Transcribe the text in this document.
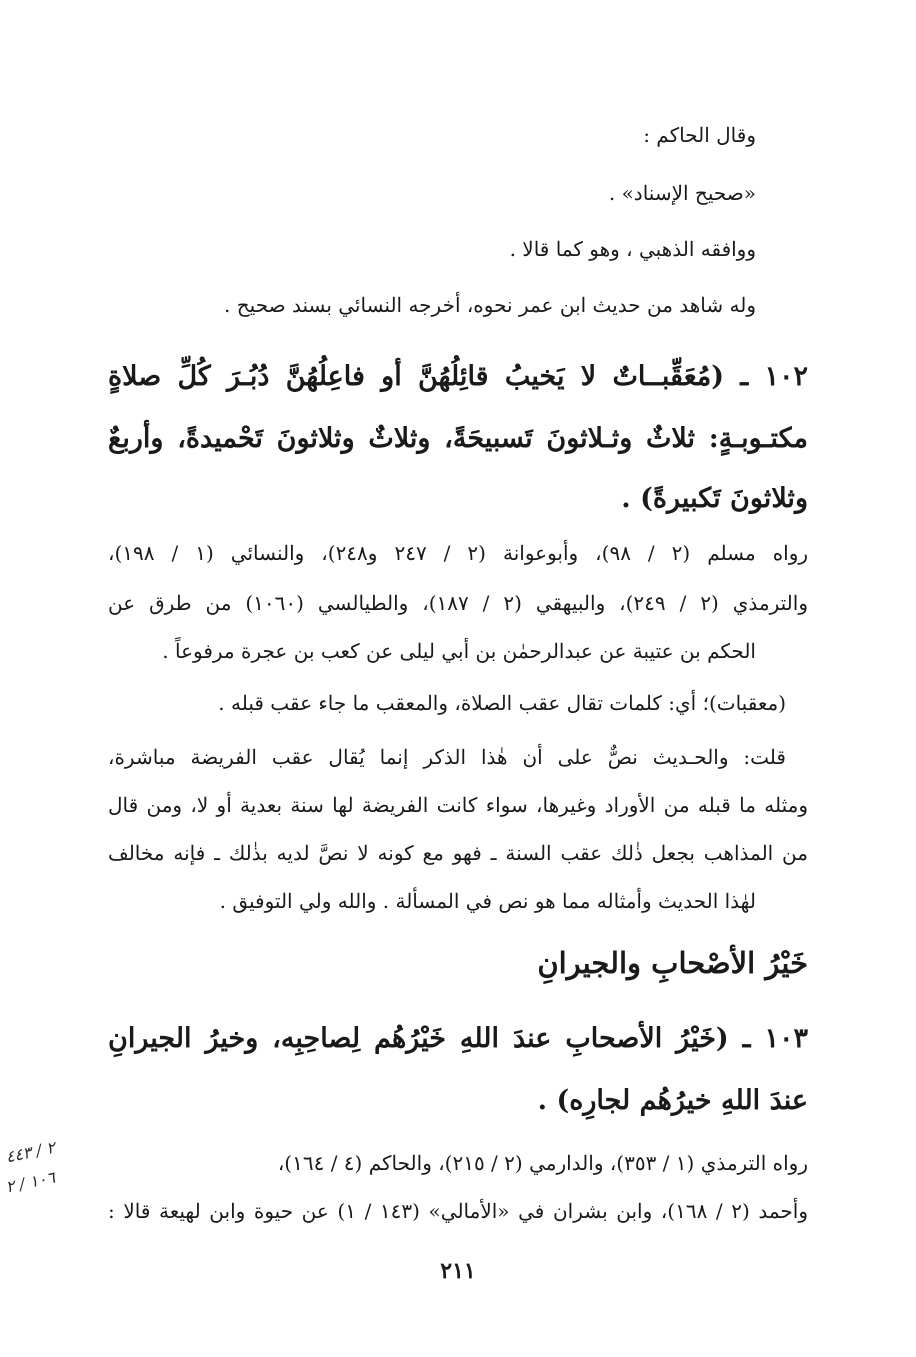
وقال الحاكم :
«صحيح الإسناد» .
ووافقه الذهبي ، وهو كما قالا .
وله شاهد من حديث ابن عمر نحوه، أخرجه النسائي بسند صحيح .
١٠٢ ـ (مُعَقِّبــاتٌ لا يَخيبُ قائِلُهُنَّ أو فاعِلُهُنَّ دُبُـرَ كُلِّ صلاةٍ
مكتـوبـةٍ: ثلاثٌ وثـلاثونَ تَسبيحَةً، وثلاثٌ وثلاثونَ تَحْميدةً، وأربعٌ
وثلاثونَ تَكبيرةً) .
رواه مسلم (٢ / ٩٨)، وأبوعوانة (٢ / ٢٤٧ و٢٤٨)، والنسائي (١ / ١٩٨)،
والترمذي (٢ / ٢٤٩)، والبيهقي (٢ / ١٨٧)، والطيالسي (١٠٦٠) من طرق عن
الحكم بن عتيبة عن عبدالرحمٰن بن أبي ليلى عن كعب بن عجرة مرفوعاً .
(معقبات)؛ أي: كلمات تقال عقب الصلاة، والمعقب ما جاء عقب قبله .
قلت: والحـديث نصٌّ على أن هٰذا الذكر إنما يُقال عقب الفريضة مباشرة،
ومثله ما قبله من الأوراد وغيرها، سواء كانت الفريضة لها سنة بعدية أو لا، ومن قال
من المذاهب بجعل ذٰلك عقب السنة ـ فهو مع كونه لا نصَّ لديه بذٰلك ـ فإنه مخالف
لهٰذا الحديث وأمثاله مما هو نص في المسألة . والله ولي التوفيق .
خَيْرُ الأصْحابِ والجيرانِ
١٠٣ ـ (خَيْرُ الأصحابِ عندَ اللهِ خَيْرُهُم لِصاحِبِه، وخيرُ الجيرانِ
عندَ اللهِ خيرُهُم لجارِه) .
رواه الترمذي (١ / ٣٥٣)، والدارمي (٢ / ٢١٥)، والحاكم (٤ / ١٦٤)،
وأحمد (٢ / ١٦٨)، وابن بشران في «الأمالي» (١٤٣ / ١) عن حيوة وابن لهيعة قالا :
٢ / ٤٤٣
١٠٦ / ٢
٢١١
